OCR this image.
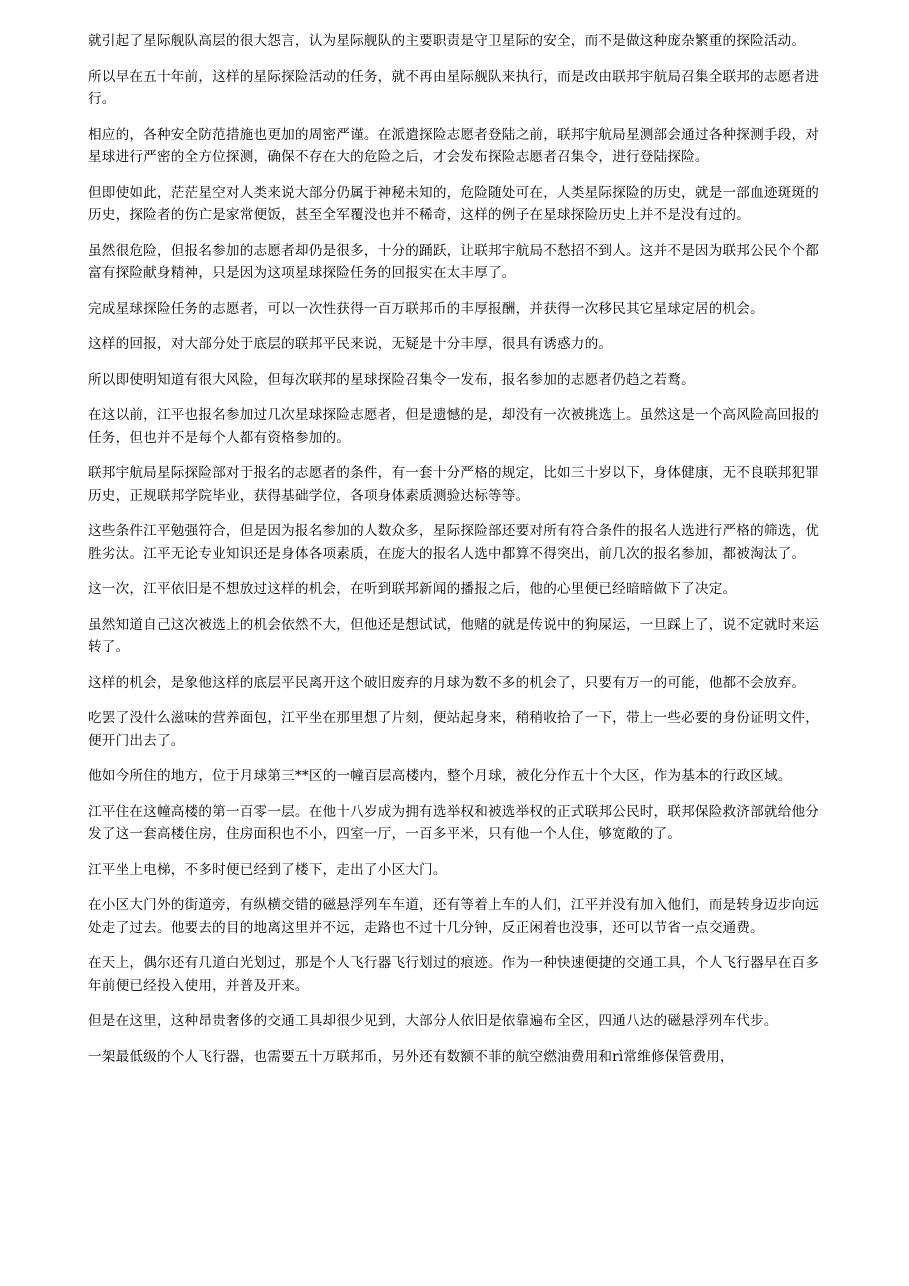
就引起了星际舰队高层的很大怨言，认为星际舰队的主要职责是守卫星际的安全，而不是做这种庞杂繁重的探险活动。

所以早在五十年前，这样的星际探险活动的任务，就不再由星际舰队来执行，而是改由联邦宇航局召集全联邦的志愿者进行。

相应的，各种安全防范措施也更加的周密严谨。在派遣探险志愿者登陆之前，联邦宇航局星测部会通过各种探测手段，对星球进行严密的全方位探测，确保不存在大的危险之后，才会发布探险志愿者召集令，进行登陆探险。

但即使如此，茫茫星空对人类来说大部分仍属于神秘未知的，危险随处可在，人类星际探险的历史，就是一部血迹斑斑的历史，探险者的伤亡是家常便饭，甚至全军覆没也并不稀奇，这样的例子在星球探险历史上并不是没有过的。

虽然很危险，但报名参加的志愿者却仍是很多，十分的踊跃，让联邦宇航局不愁招不到人。这并不是因为联邦公民个个都富有探险献身精神，只是因为这项星球探险任务的回报实在太丰厚了。

完成星球探险任务的志愿者，可以一次性获得一百万联邦币的丰厚报酬，并获得一次移民其它星球定居的机会。

这样的回报，对大部分处于底层的联邦平民来说，无疑是十分丰厚，很具有诱惑力的。

所以即使明知道有很大风险，但每次联邦的星球探险召集令一发布，报名参加的志愿者仍趋之若鹜。

在这以前，江平也报名参加过几次星球探险志愿者，但是遗憾的是，却没有一次被挑选上。虽然这是一个高风险高回报的任务，但也并不是每个人都有资格参加的。

联邦宇航局星际探险部对于报名的志愿者的条件，有一套十分严格的规定，比如三十岁以下，身体健康，无不良联邦犯罪历史，正规联邦学院毕业，获得基础学位，各项身体素质测验达标等等。

这些条件江平勉强符合，但是因为报名参加的人数众多，星际探险部还要对所有符合条件的报名人选进行严格的筛选，优胜劣汰。江平无论专业知识还是身体各项素质，在庞大的报名人选中都算不得突出，前几次的报名参加，都被淘汰了。

这一次，江平依旧是不想放过这样的机会，在听到联邦新闻的播报之后，他的心里便已经暗暗做下了决定。

虽然知道自己这次被选上的机会依然不大，但他还是想试试，他赌的就是传说中的狗屎运，一旦踩上了，说不定就时来运转了。

这样的机会，是象他这样的底层平民离开这个破旧废弃的月球为数不多的机会了，只要有万一的可能，他都不会放弃。

吃罢了没什么滋味的营养面包，江平坐在那里想了片刻，便站起身来，稍稍收拾了一下，带上一些必要的身份证明文件，便开门出去了。

他如今所住的地方，位于月球第三**区的一幢百层高楼内，整个月球，被化分作五十个大区，作为基本的行政区域。

江平住在这幢高楼的第一百零一层。在他十八岁成为拥有选举权和被选举权的正式联邦公民时，联邦保险救济部就给他分发了这一套高楼住房，住房面积也不小，四室一厅，一百多平米，只有他一个人住，够宽敞的了。

江平坐上电梯，不多时便已经到了楼下，走出了小区大门。

在小区大门外的街道旁，有纵横交错的磁悬浮列车车道，还有等着上车的人们，江平并没有加入他们，而是转身迈步向远处走了过去。他要去的目的地离这里并不远，走路也不过十几分钟，反正闲着也没事，还可以节省一点交通费。

在天上，偶尔还有几道白光划过，那是个人飞行器飞行划过的痕迹。作为一种快速便捷的交通工具，个人飞行器早在百多年前便已经投入使用，并普及开来。

但是在这里，这种昂贵奢侈的交通工具却很少见到，大部分人依旧是依靠遍布全区，四通八达的磁悬浮列车代步。

一架最低级的个人飞行器，也需要五十万联邦币，另外还有数额不菲的航空燃油费用和rì常维修保管费用，
